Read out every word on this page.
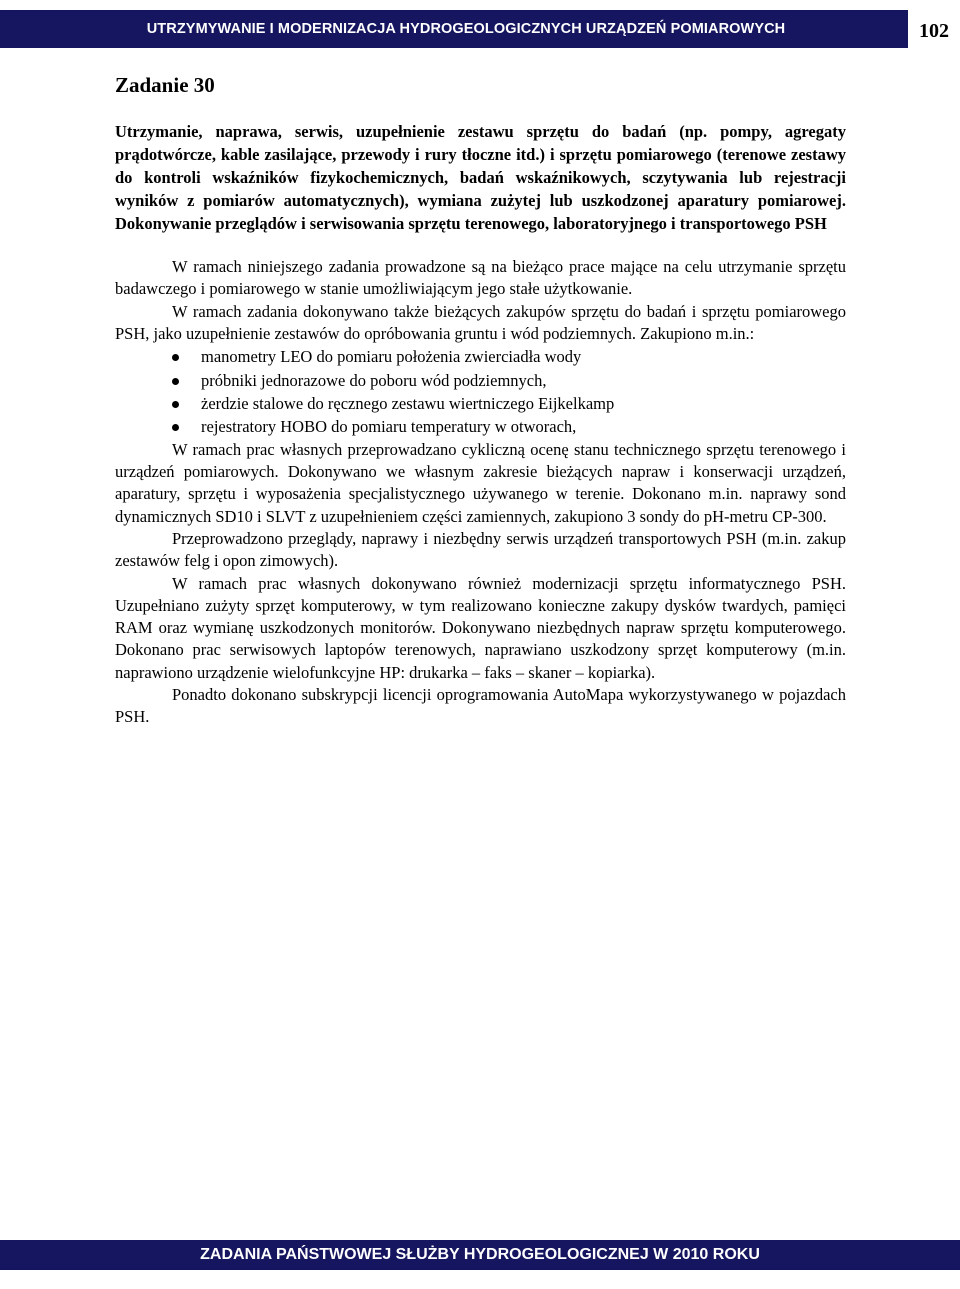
UTRZYMYWANIE I MODERNIZACJA HYDROGEOLOGICZNYCH URZĄDZEŃ POMIAROWYCH	102
Zadanie 30

Utrzymanie, naprawa, serwis, uzupełnienie zestawu sprzętu do badań (np. pompy, agregaty prądotwórcze, kable zasilające, przewody i rury tłoczne itd.) i sprzętu pomiarowego (terenowe zestawy do kontroli wskaźników fizykochemicznych, badań wskaźnikowych, sczytywania lub rejestracji wyników z pomiarów automatycznych), wymiana zużytej lub uszkodzonej aparatury pomiarowej. Dokonywanie przeglądów i serwisowania sprzętu terenowego, laboratoryjnego i transportowego PSH

W ramach niniejszego zadania prowadzone są na bieżąco prace mające na celu utrzymanie sprzętu badawczego i pomiarowego w stanie umożliwiającym jego stałe użytkowanie.

W ramach zadania dokonywano także bieżących zakupów sprzętu do badań i sprzętu pomiarowego PSH, jako uzupełnienie zestawów do opróbowania gruntu i wód podziemnych. Zakupiono m.in.:

manometry LEO do pomiaru położenia zwierciadła wody
próbniki jednorazowe do poboru wód podziemnych,
żerdzie stalowe do ręcznego zestawu wiertniczego Eijkelkamp
rejestratory HOBO do pomiaru temperatury w otworach,

W ramach prac własnych przeprowadzano cykliczną ocenę stanu technicznego sprzętu terenowego i urządzeń pomiarowych. Dokonywano we własnym zakresie bieżących napraw i konserwacji urządzeń, aparatury, sprzętu i wyposażenia specjalistycznego używanego w terenie. Dokonano m.in. naprawy sond dynamicznych SD10 i SLVT z uzupełnieniem części zamiennych, zakupiono 3 sondy do pH-metru CP-300.

Przeprowadzono przeglądy, naprawy i niezbędny serwis urządzeń transportowych PSH (m.in. zakup zestawów felg i opon zimowych).

W ramach prac własnych dokonywano również modernizacji sprzętu informatycznego PSH. Uzupełniano zużyty sprzęt komputerowy, w tym realizowano konieczne zakupy dysków twardych, pamięci RAM oraz wymianę uszkodzonych monitorów. Dokonywano niezbędnych napraw sprzętu komputerowego. Dokonano prac serwisowych laptopów terenowych, naprawiano uszkodzony sprzęt komputerowy (m.in. naprawiono urządzenie wielofunkcyjne HP: drukarka – faks – skaner – kopiarka).

Ponadto dokonano subskrypcji licencji oprogramowania AutoMapa wykorzystywanego w pojazdach PSH.

ZADANIA PAŃSTWOWEJ SŁUŻBY HYDROGEOLOGICZNEJ W 2010 ROKU
